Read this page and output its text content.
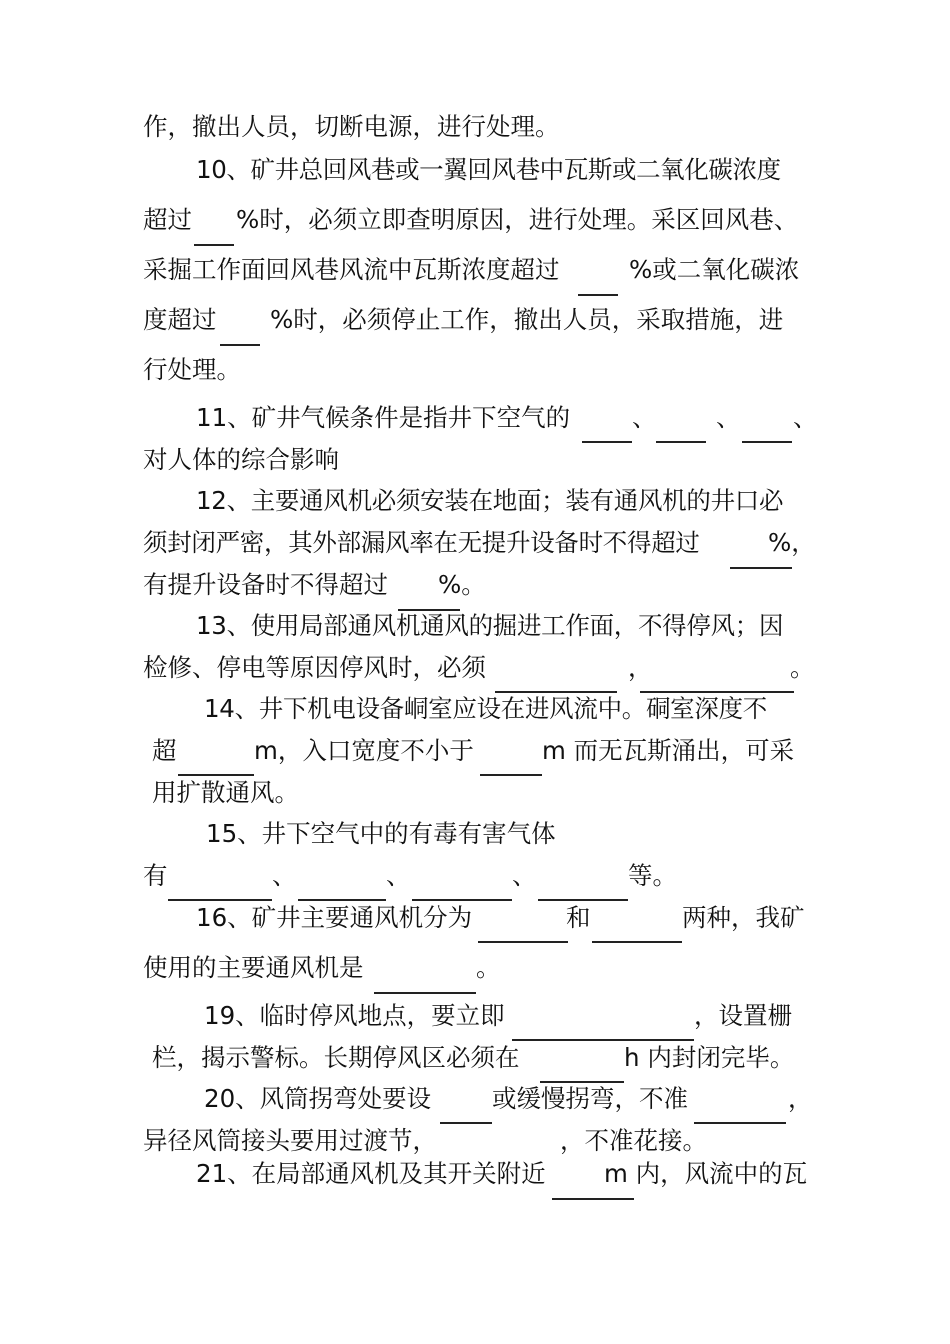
作，撤出人员，切断电源，进行处理。
10、矿井总回风巷或一翼回风巷中瓦斯或二氧化碳浓度
超过 %时，必须立即查明原因，进行处理。采区回风巷、
采掘工作面回风巷风流中瓦斯浓度超过	%或二氧化碳浓
度超过 %时，必须停止工作，撤出人员，采取措施，进
行处理。
11、矿井气候条件是指井下空气的	、 、 、
对人体的综合影响
12、主要通风机必须安装在地面；装有通风机的井口必
须封闭严密，其外部漏风率在无提升设备时不得超过	%，
有提升设备时不得超过 %。
13、使用局部通风机通风的掘进工作面，不得停风；因
检修、停电等原因停风时，必须	，	。
14、井下机电设备峒室应设在进风流中。硐室深度不
超	m，入口宽度不小于	m 而无瓦斯涌出，可采
用扩散通风。
15、井下空气中的有毒有害气体
有	、	、	、	等。
16、矿井主要通风机分为	和	两种，我矿
使用的主要通风机是	。
19、临时停风地点，要立即	，设置栅
栏，揭示警标。长期停风区必须在	h 内封闭完毕。
20、风筒拐弯处要设 或缓慢拐弯，不准	，
异径风筒接头要用过渡节，	，不准花接。
21、在局部通风机及其开关附近 m 内，风流中的瓦
